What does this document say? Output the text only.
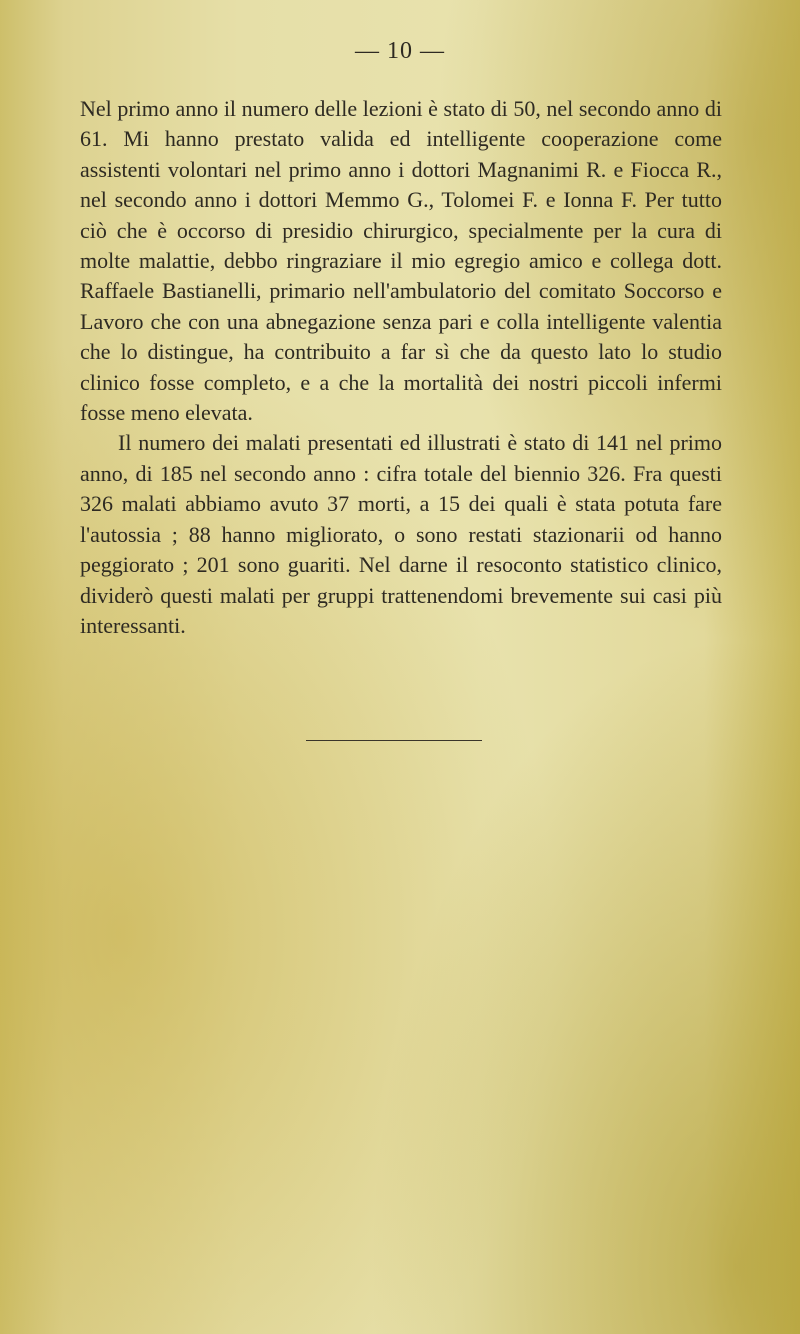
— 10 —

Nel primo anno il numero delle lezioni è stato di 50, nel secondo anno di 61. Mi hanno prestato valida ed intelligente cooperazione come assistenti volontari nel primo anno i dottori Magnanimi R. e Fiocca R., nel secondo anno i dottori Memmo G., Tolomei F. e Ionna F. Per tutto ciò che è occorso di presidio chirurgico, specialmente per la cura di molte malattie, debbo ringraziare il mio egregio amico e collega dott. Raffaele Bastianelli, primario nell'ambulatorio del comitato Soccorso e Lavoro che con una abnegazione senza pari e colla intelligente valentia che lo distingue, ha contribuito a far sì che da questo lato lo studio clinico fosse completo, e a che la mortalità dei nostri piccoli infermi fosse meno elevata.

Il numero dei malati presentati ed illustrati è stato di 141 nel primo anno, di 185 nel secondo anno : cifra totale del biennio 326. Fra questi 326 malati abbiamo avuto 37 morti, a 15 dei quali è stata potuta fare l'autossia ; 88 hanno migliorato, o sono restati stazionarii od hanno peggiorato ; 201 sono guariti. Nel darne il resoconto statistico clinico, dividerò questi malati per gruppi trattenendomi brevemente sui casi più interessanti.
